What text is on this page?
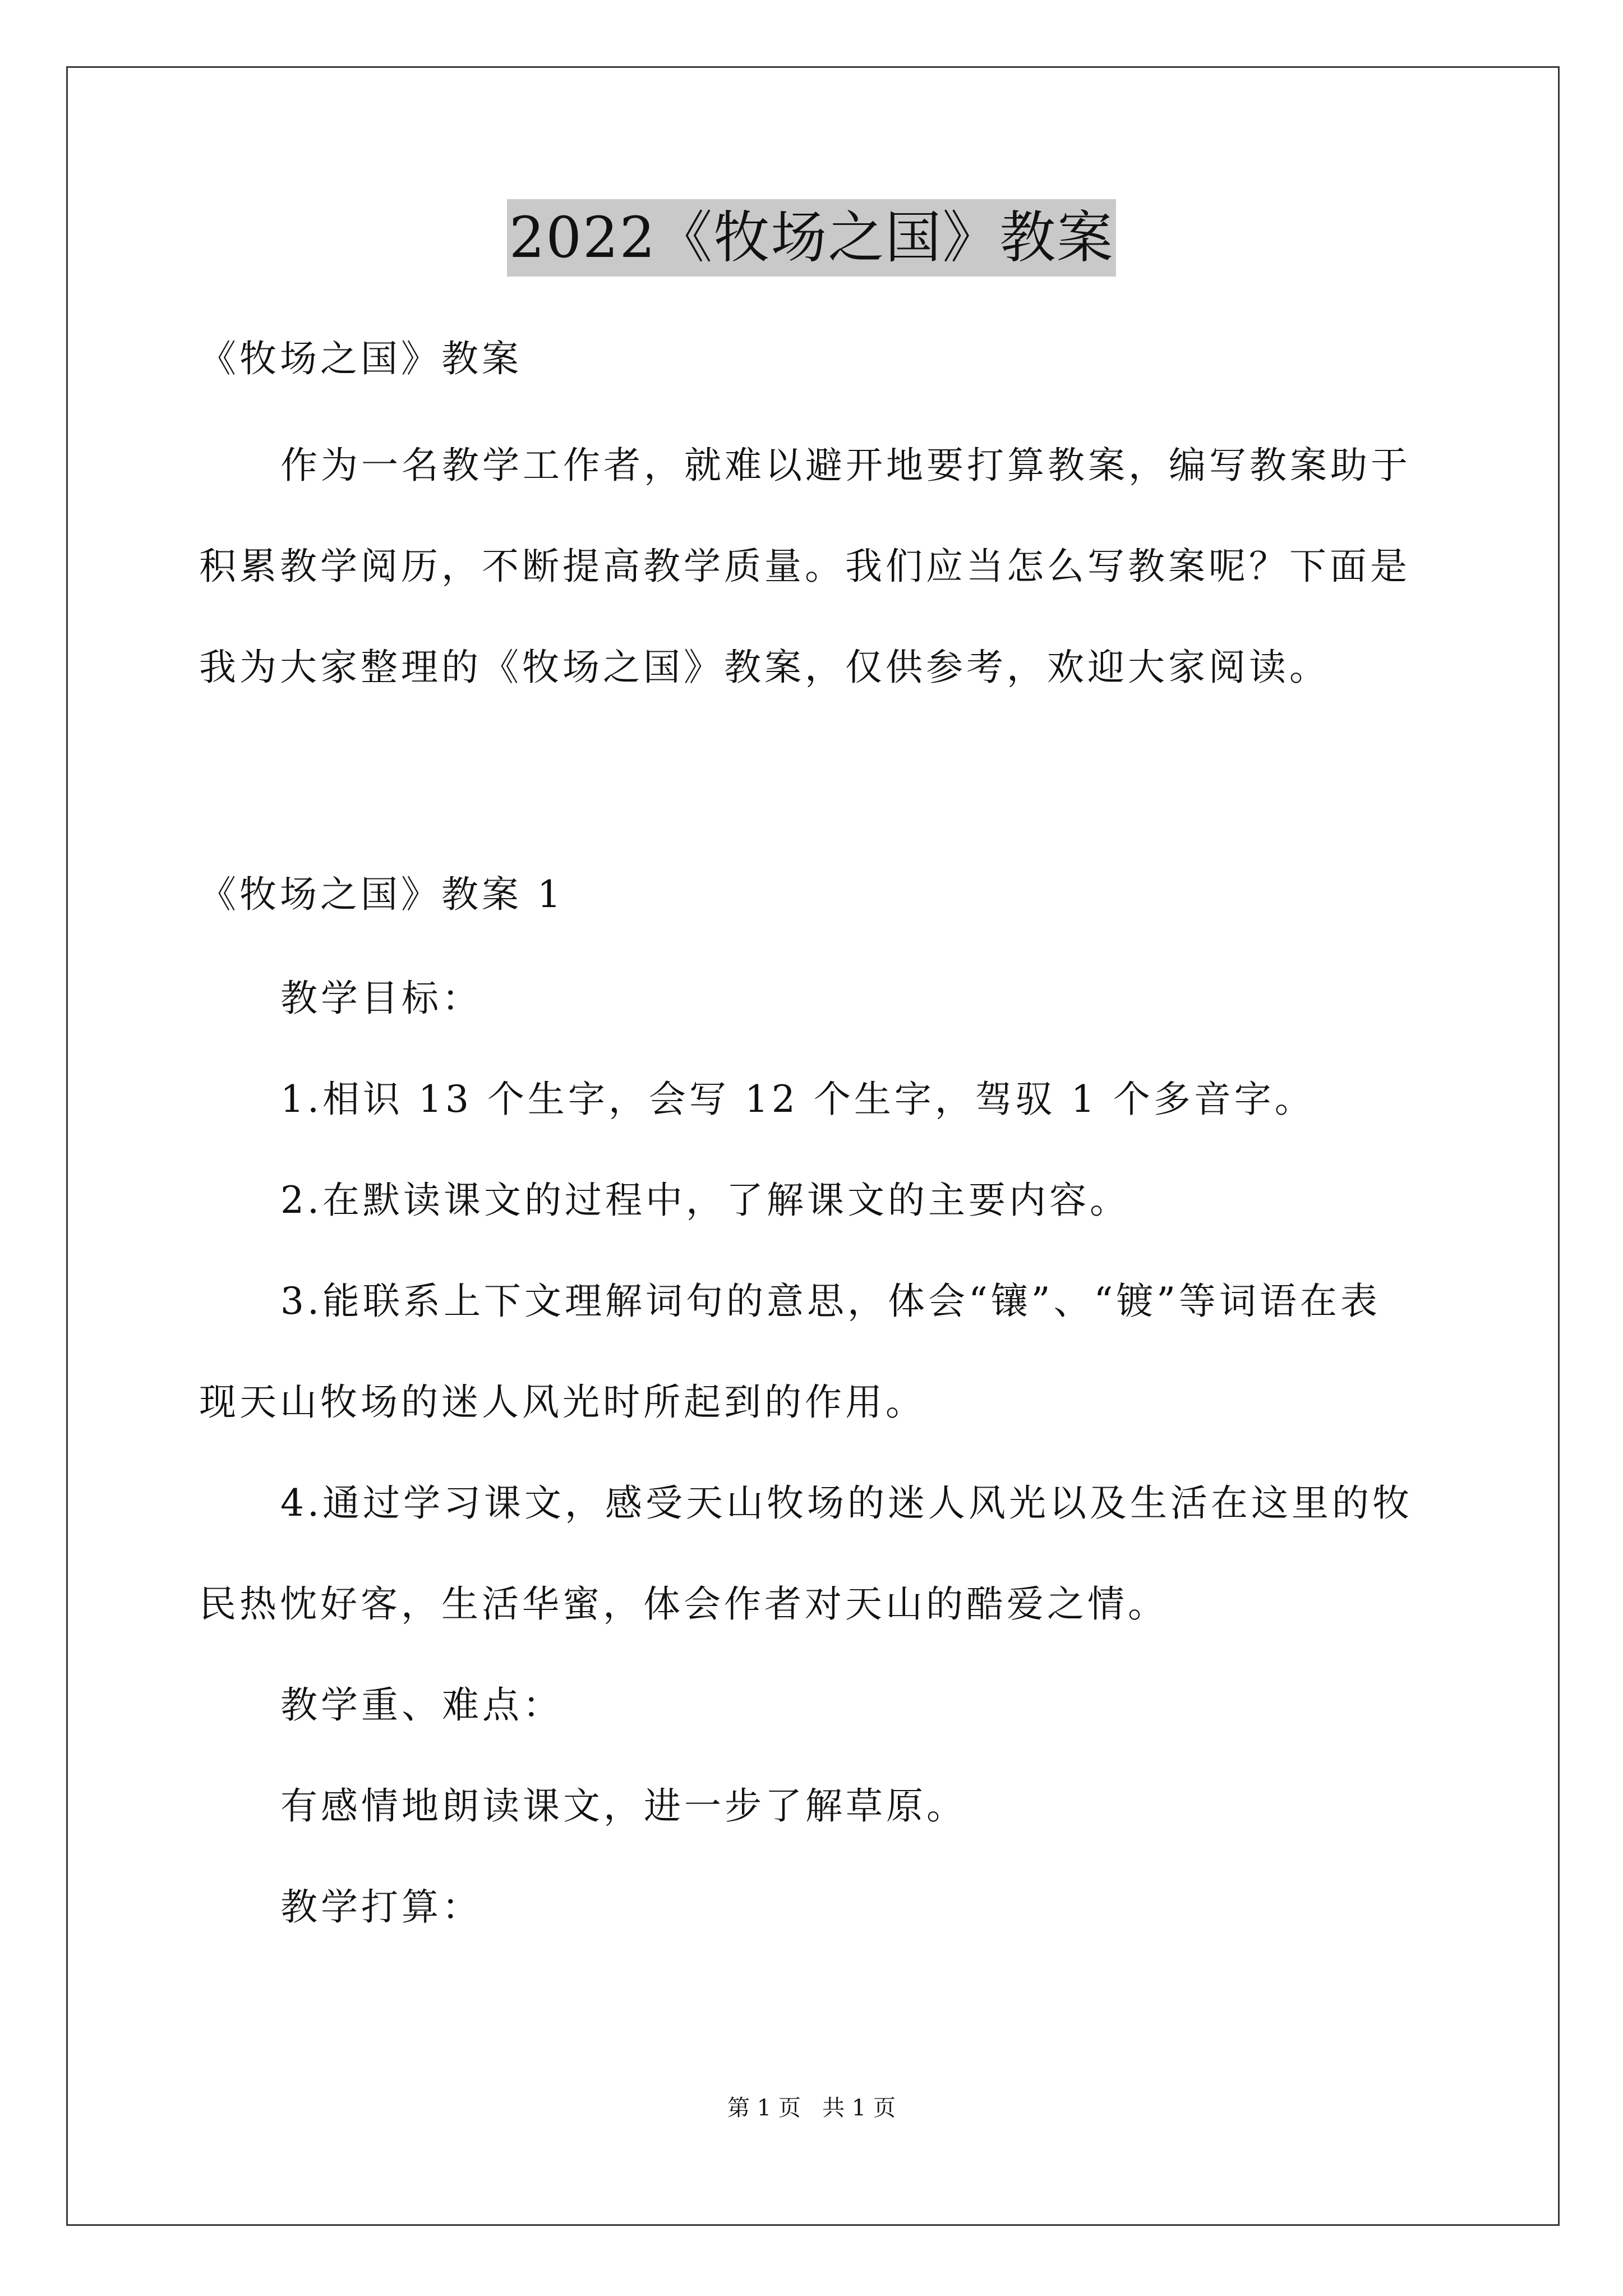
2022《牧场之国》教案
《牧场之国》教案
作为一名教学工作者，就难以避开地要打算教案，编写教案助于
积累教学阅历，不断提高教学质量。我们应当怎么写教案呢？下面是
我为大家整理的《牧场之国》教案，仅供参考，欢迎大家阅读。
《牧场之国》教案 1
教学目标：
1.相识 13 个生字，会写 12 个生字，驾驭 1 个多音字。
2.在默读课文的过程中，了解课文的主要内容。
3.能联系上下文理解词句的意思，体会“镶”、“镀”等词语在表
现天山牧场的迷人风光时所起到的作用。
4.通过学习课文，感受天山牧场的迷人风光以及生活在这里的牧
民热忱好客，生活华蜜，体会作者对天山的酷爱之情。
教学重、难点：
有感情地朗读课文，进一步了解草原。
教学打算：
第 1 页   共 1 页
